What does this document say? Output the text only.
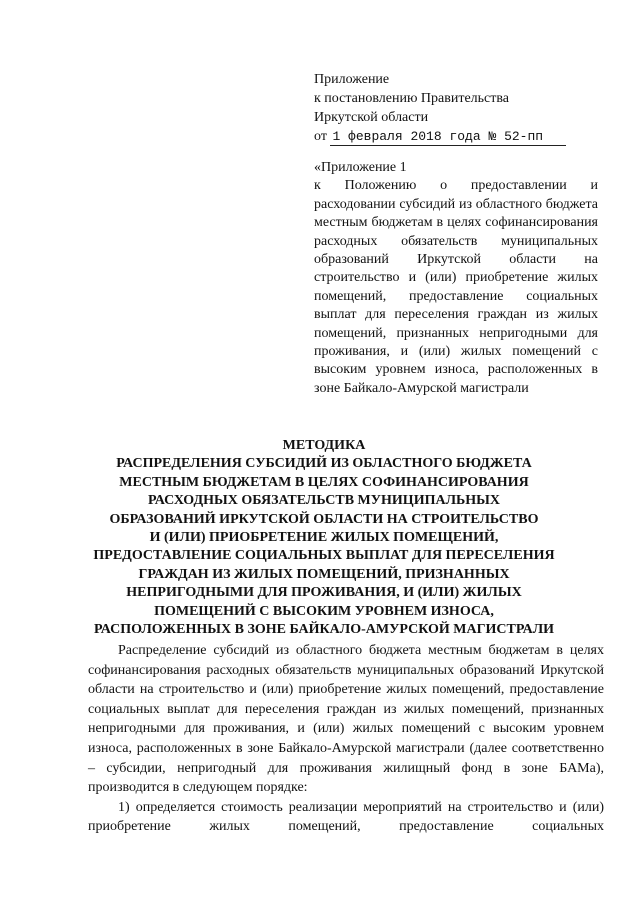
Приложение
к постановлению Правительства
Иркутской области
от 1 февраля 2018 года № 52-пп
«Приложение 1
к Положению о предоставлении и расходовании субсидий из областного бюджета местным бюджетам в целях софинансирования расходных обязательств муниципальных образований Иркутской области на строительство и (или) приобретение жилых помещений, предоставление социальных выплат для переселения граждан из жилых помещений, признанных непригодными для проживания, и (или) жилых помещений с высоким уровнем износа, расположенных в зоне Байкало-Амурской магистрали
МЕТОДИКА
РАСПРЕДЕЛЕНИЯ СУБСИДИЙ ИЗ ОБЛАСТНОГО БЮДЖЕТА
МЕСТНЫМ БЮДЖЕТАМ В ЦЕЛЯХ СОФИНАНСИРОВАНИЯ
РАСХОДНЫХ ОБЯЗАТЕЛЬСТВ МУНИЦИПАЛЬНЫХ
ОБРАЗОВАНИЙ ИРКУТСКОЙ ОБЛАСТИ НА СТРОИТЕЛЬСТВО
И (ИЛИ) ПРИОБРЕТЕНИЕ ЖИЛЫХ ПОМЕЩЕНИЙ,
ПРЕДОСТАВЛЕНИЕ СОЦИАЛЬНЫХ ВЫПЛАТ ДЛЯ ПЕРЕСЕЛЕНИЯ
ГРАЖДАН ИЗ ЖИЛЫХ ПОМЕЩЕНИЙ, ПРИЗНАННЫХ
НЕПРИГОДНЫМИ ДЛЯ ПРОЖИВАНИЯ, И (ИЛИ) ЖИЛЫХ
ПОМЕЩЕНИЙ С ВЫСОКИМ УРОВНЕМ ИЗНОСА,
РАСПОЛОЖЕННЫХ В ЗОНЕ БАЙКАЛО-АМУРСКОЙ МАГИСТРАЛИ

Распределение субсидий из областного бюджета местным бюджетам в целях софинансирования расходных обязательств муниципальных образований Иркутской области на строительство и (или) приобретение жилых помещений, предоставление социальных выплат для переселения граждан из жилых помещений, признанных непригодными для проживания, и (или) жилых помещений с высоким уровнем износа, расположенных в зоне Байкало-Амурской магистрали (далее соответственно – субсидии, непригодный для проживания жилищный фонд в зоне БАМа), производится в следующем порядке:

1) определяется стоимость реализации мероприятий на строительство и (или) приобретение жилых помещений, предоставление социальных
